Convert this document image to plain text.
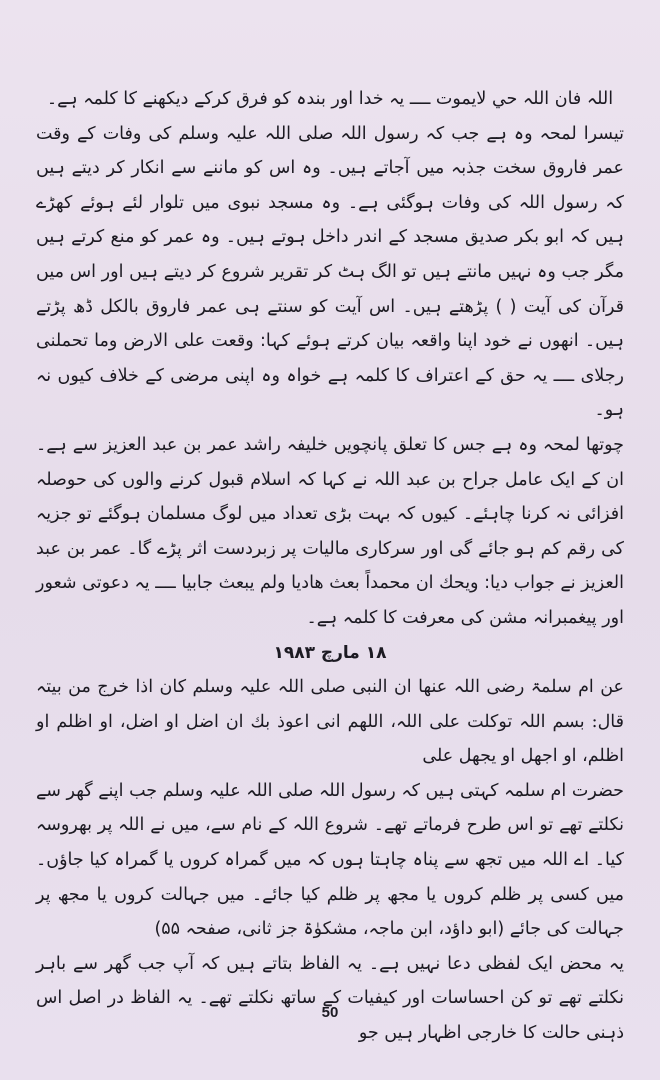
اللہ فان اللہ حي لایموت ــــ یہ خدا اور بندہ کو فرق کرکے دیکھنے کا کلمہ ہے۔

تیسرا لمحہ وہ ہے جب کہ رسول اللہ صلی اللہ علیہ وسلم کی وفات کے وقت عمر فاروق سخت جذبہ میں آجاتے ہیں۔ وہ اس کو ماننے سے انکار کر دیتے ہیں کہ رسول اللہ کی وفات ہوگئی ہے۔ وہ مسجد نبوی میں تلوار لئے ہوئے کھڑے ہیں کہ ابو بکر صدیق مسجد کے اندر داخل ہوتے ہیں۔ وہ عمر کو منع کرتے ہیں مگر جب وہ نہیں مانتے ہیں تو الگ ہٹ کر تقریر شروع کر دیتے ہیں اور اس میں قرآن کی آیت ( ) پڑھتے ہیں۔ اس آیت کو سنتے ہی عمر فاروق بالکل ڈھ پڑتے ہیں۔ انھوں نے خود اپنا واقعہ بیان کرتے ہوئے کہا: وقعت علی الارض وما تحملنی رجلای ــــ یہ حق کے اعتراف کا کلمہ ہے خواہ وہ اپنی مرضی کے خلاف کیوں نہ ہو۔

چوتھا لمحہ وہ ہے جس کا تعلق پانچویں خلیفہ راشد عمر بن عبد العزیز سے ہے۔ ان کے ایک عامل جراح بن عبد اللہ نے کہا کہ اسلام قبول کرنے والوں کی حوصلہ افزائی نہ کرنا چاہئے۔ کیوں کہ بہت بڑی تعداد میں لوگ مسلمان ہوگئے تو جزیہ کی رقم کم ہو جائے گی اور سرکاری مالیات پر زبردست اثر پڑے گا۔ عمر بن عبد العزیز نے جواب دیا: ویحك ان محمداً بعث هادیا ولم یبعث جابیا ــــ یہ دعوتی شعور اور پیغمبرانہ مشن کی معرفت کا کلمہ ہے۔

۱۸ مارچ ۱۹۸۳

عن ام سلمۃ رضی اللہ عنھا ان النبی صلی اللہ علیہ وسلم کان اذا خرج من بیتہ قال: بسم اللہ توکلت علی اللہ، اللھم انی اعوذ بك ان اضل او اضل، او اظلم او اظلم، او اجھل او یجھل علی

حضرت ام سلمہ کہتی ہیں کہ رسول اللہ صلی اللہ علیہ وسلم جب اپنے گھر سے نکلتے تھے تو اس طرح فرماتے تھے۔ شروع اللہ کے نام سے، میں نے اللہ پر بھروسہ کیا۔ اے اللہ میں تجھ سے پناہ چاہتا ہوں کہ میں گمراہ کروں یا گمراہ کیا جاؤں۔ میں کسی پر ظلم کروں یا مجھ پر ظلم کیا جائے۔ میں جہالت کروں یا مجھ پر جہالت کی جائے (ابو داؤد، ابن ماجہ، مشکوٰۃ جز ثانی، صفحہ ۵۵)

یہ محض ایک لفظی دعا نہیں ہے۔ یہ الفاظ بتاتے ہیں کہ آپ جب گھر سے باہر نکلتے تھے تو کن احساسات اور کیفیات کے ساتھ نکلتے تھے۔ یہ الفاظ در اصل اس ذہنی حالت کا خارجی اظہار ہیں جو

50
